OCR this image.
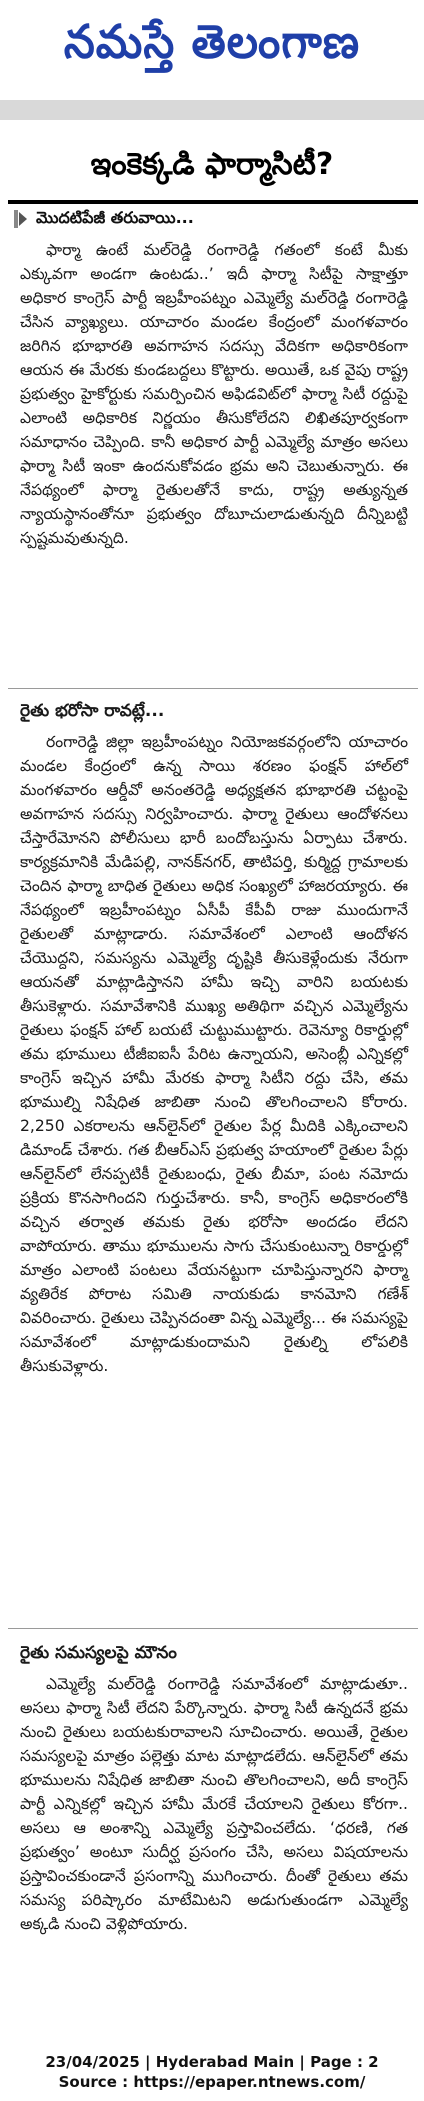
నమస్తే తెలంగాణ
ఇంకెక్కడి ఫార్మాసిటీ?
మొదటిపేజీ తరువాయి...

ఫార్మా ఉంటే మల్‌రెడ్డి రంగారెడ్డి గతంలో కంటే మీకు ఎక్కువగా అండగా ఉంటడు..’ ఇదీ ఫార్మా సిటీపై సాక్షాత్తూ అధికార కాంగ్రెస్ పార్టీ ఇబ్రహీంపట్నం ఎమ్మెల్యే మల్‌రెడ్డి రంగారెడ్డి చేసిన వ్యాఖ్యలు. యాచారం మండల కేంద్రంలో మంగళవారం జరిగిన భూభారతి అవగాహన సదస్సు వేదికగా అధికారికంగా ఆయన ఈ మేరకు కుండబద్దలు కొట్టారు. అయితే, ఒక వైపు రాష్ట్ర ప్రభుత్వం హైకోర్టుకు సమర్పించిన అఫిడవిట్‌లో ఫార్మా సిటీ రద్దుపై ఎలాంటి అధికారిక నిర్ణయం తీసుకోలేదని లిఖితపూర్వకంగా సమాధానం చెప్పింది. కానీ అధికార పార్టీ ఎమ్మెల్యే మాత్రం అసలు ఫార్మా సిటీ ఇంకా ఉందనుకోవడం భ్రమ అని చెబుతున్నారు. ఈ నేపథ్యంలో ఫార్మా రైతులతోనే కాదు, రాష్ట్ర అత్యున్నత న్యాయస్థానంతోనూ ప్రభుత్వం దోబూచులాడుతున్నది దీన్నిబట్టి స్పష్టమవుతున్నది.

రైతు భరోసా రావట్లే...

రంగారెడ్డి జిల్లా ఇబ్రహీంపట్నం నియోజకవర్గంలోని యాచారం మండల కేంద్రంలో ఉన్న సాయి శరణం ఫంక్షన్ హాల్‌లో మంగళవారం ఆర్డీవో అనంతరెడ్డి అధ్యక్షతన భూభారతి చట్టంపై అవగాహన సదస్సు నిర్వహించారు. ఫార్మా రైతులు ఆందోళనలు చేస్తారేమోనని పోలీసులు భారీ బందోబస్తును ఏర్పాటు చేశారు. కార్యక్రమానికి మేడిపల్లి, నానక్‌నగర్, తాటిపర్తి, కుర్మిద్ద గ్రామాలకు చెందిన ఫార్మా బాధిత రైతులు అధిక సంఖ్యలో హాజరయ్యారు. ఈ నేపథ్యంలో ఇబ్రహీంపట్నం ఏసీపీ కేపీవీ రాజు ముందుగానే రైతులతో మాట్లాడారు. సమావేశంలో ఎలాంటి ఆందోళన చేయొద్దని, సమస్యను ఎమ్మెల్యే దృష్టికి తీసుకెళ్లేందుకు నేరుగా ఆయనతో మాట్లాడిస్తానని హామీ ఇచ్చి వారిని బయటకు తీసుకెళ్లారు. సమావేశానికి ముఖ్య అతిథిగా వచ్చిన ఎమ్మెల్యేను రైతులు ఫంక్షన్ హాల్ బయటే చుట్టుముట్టారు. రెవెన్యూ రికార్డుల్లో తమ భూములు టీజీఐఐసీ పేరిట ఉన్నాయని, అసెంబ్లీ ఎన్నికల్లో కాంగ్రెస్ ఇచ్చిన హామీ మేరకు ఫార్మా సిటీని రద్దు చేసి, తమ భూముల్ని నిషేధిత జాబితా నుంచి తొలగించాలని కోరారు. 2,250 ఎకరాలను ఆన్‌లైన్‌లో రైతుల పేర్ల మీదికి ఎక్కించాలని డిమాండ్ చేశారు. గత బీఆర్‌ఎస్ ప్రభుత్వ హయాంలో రైతుల పేర్లు ఆన్‌లైన్‌లో లేనప్పటికీ రైతుబంధు, రైతు బీమా, పంట నమోదు ప్రక్రియ కొనసాగిందని గుర్తుచేశారు. కానీ, కాంగ్రెస్ అధికారంలోకి వచ్చిన తర్వాత తమకు రైతు భరోసా అందడం లేదని వాపోయారు. తాము భూములను సాగు చేసుకుంటున్నా రికార్డుల్లో మాత్రం ఎలాంటి పంటలు వేయనట్టుగా చూపిస్తున్నారని ఫార్మా వ్యతిరేక పోరాట సమితి నాయకుడు కానమోని గణేశ్ వివరించారు. రైతులు చెప్పినదంతా విన్న ఎమ్మెల్యే... ఈ సమస్యపై సమావేశంలో మాట్లాడుకుందామని రైతుల్ని లోపలికి తీసుకువెళ్లారు.

రైతు సమస్యలపై మౌనం

ఎమ్మెల్యే మల్‌రెడ్డి రంగారెడ్డి సమావేశంలో మాట్లాడుతూ.. అసలు ఫార్మా సిటీ లేదని పేర్కొన్నారు. ఫార్మా సిటీ ఉన్నదనే భ్రమ నుంచి రైతులు బయటకురావాలని సూచించారు. అయితే, రైతుల సమస్యలపై మాత్రం పల్లెత్తు మాట మాట్లాడలేదు. ఆన్‌లైన్‌లో తమ భూములను నిషేధిత జాబితా నుంచి తొలగించాలని, అదీ కాంగ్రెస్ పార్టీ ఎన్నికల్లో ఇచ్చిన హామీ మేరకే చేయాలని రైతులు కోరగా.. అసలు ఆ అంశాన్ని ఎమ్మెల్యే ప్రస్తావించలేదు. ‘ధరణి, గత ప్రభుత్వం’ అంటూ సుదీర్ఘ ప్రసంగం చేసి, అసలు విషయాలను ప్రస్తావించకుండానే ప్రసంగాన్ని ముగించారు. దీంతో రైతులు తమ సమస్య పరిష్కారం మాటేమిటని అడుగుతుండగా ఎమ్మెల్యే అక్కడి నుంచి వెళ్లిపోయారు.

23/04/2025 | Hyderabad Main | Page : 2
Source : https://epaper.ntnews.com/
